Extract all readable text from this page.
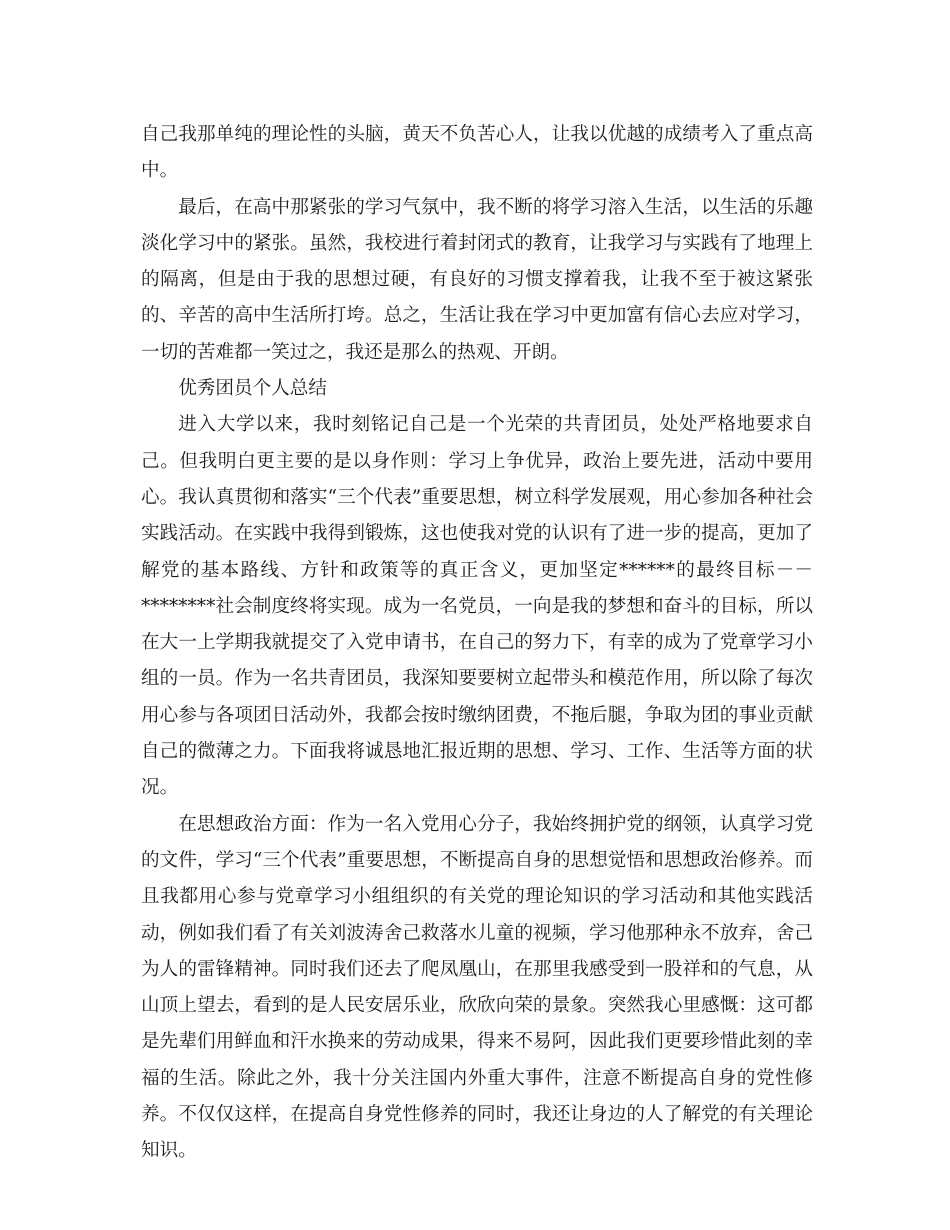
自己我那单纯的理论性的头脑，黄天不负苦心人，让我以优越的成绩考入了重点高中。

最后，在高中那紧张的学习气氛中，我不断的将学习溶入生活，以生活的乐趣淡化学习中的紧张。虽然，我校进行着封闭式的教育，让我学习与实践有了地理上的隔离，但是由于我的思想过硬，有良好的习惯支撑着我，让我不至于被这紧张的、辛苦的高中生活所打垮。总之，生活让我在学习中更加富有信心去应对学习，一切的苦难都一笑过之，我还是那么的热观、开朗。

优秀团员个人总结

进入大学以来，我时刻铭记自己是一个光荣的共青团员，处处严格地要求自己。但我明白更主要的是以身作则：学习上争优异，政治上要先进，活动中要用心。我认真贯彻和落实“三个代表”重要思想，树立科学发展观，用心参加各种社会实践活动。在实践中我得到锻炼，这也使我对党的认识有了进一步的提高，更加了解党的基本路线、方针和政策等的真正含义，更加坚定******的最终目标－－********社会制度终将实现。成为一名党员，一向是我的梦想和奋斗的目标，所以在大一上学期我就提交了入党申请书，在自己的努力下，有幸的成为了党章学习小组的一员。作为一名共青团员，我深知要要树立起带头和模范作用，所以除了每次用心参与各项团日活动外，我都会按时缴纳团费，不拖后腿，争取为团的事业贡献自己的微薄之力。下面我将诚恳地汇报近期的思想、学习、工作、生活等方面的状况。

在思想政治方面：作为一名入党用心分子，我始终拥护党的纲领，认真学习党的文件，学习“三个代表”重要思想，不断提高自身的思想觉悟和思想政治修养。而且我都用心参与党章学习小组组织的有关党的理论知识的学习活动和其他实践活动，例如我们看了有关刘波涛舍己救落水儿童的视频，学习他那种永不放弃，舍己为人的雷锋精神。同时我们还去了爬凤凰山，在那里我感受到一股祥和的气息，从山顶上望去，看到的是人民安居乐业，欣欣向荣的景象。突然我心里感慨：这可都是先辈们用鲜血和汗水换来的劳动成果，得来不易阿，因此我们更要珍惜此刻的幸福的生活。除此之外，我十分关注国内外重大事件，注意不断提高自身的党性修养。不仅仅这样，在提高自身党性修养的同时，我还让身边的人了解党的有关理论知识。
